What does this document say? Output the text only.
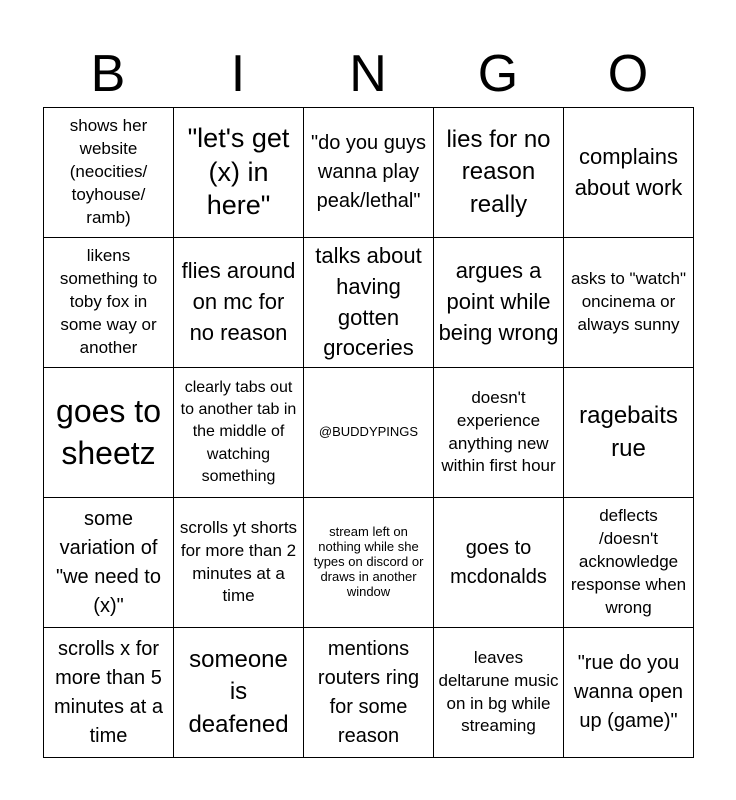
B	I	N	G	O
shows her website (neocities/ toyhouse/ ramb)
"let's get (x) in here"
"do you guys wanna play peak/lethal"
lies for no reason really
complains about work
likens something to toby fox in some way or another
flies around on mc for no reason
talks about having gotten groceries
argues a point while being wrong
asks to "watch" oncinema or always sunny
goes to sheetz
clearly tabs out to another tab in the middle of watching something
@BUDDYPINGS
doesn't experience anything new within first hour
ragebaits rue
some variation of "we need to (x)"
scrolls yt shorts for more than 2 minutes at a time
stream left on nothing while she types on discord or draws in another window
goes to mcdonalds
deflects /doesn't acknowledge response when wrong
scrolls x for more than 5 minutes at a time
someone is deafened
mentions routers ring for some reason
leaves deltarune music on in bg while streaming
"rue do you wanna open up (game)"
